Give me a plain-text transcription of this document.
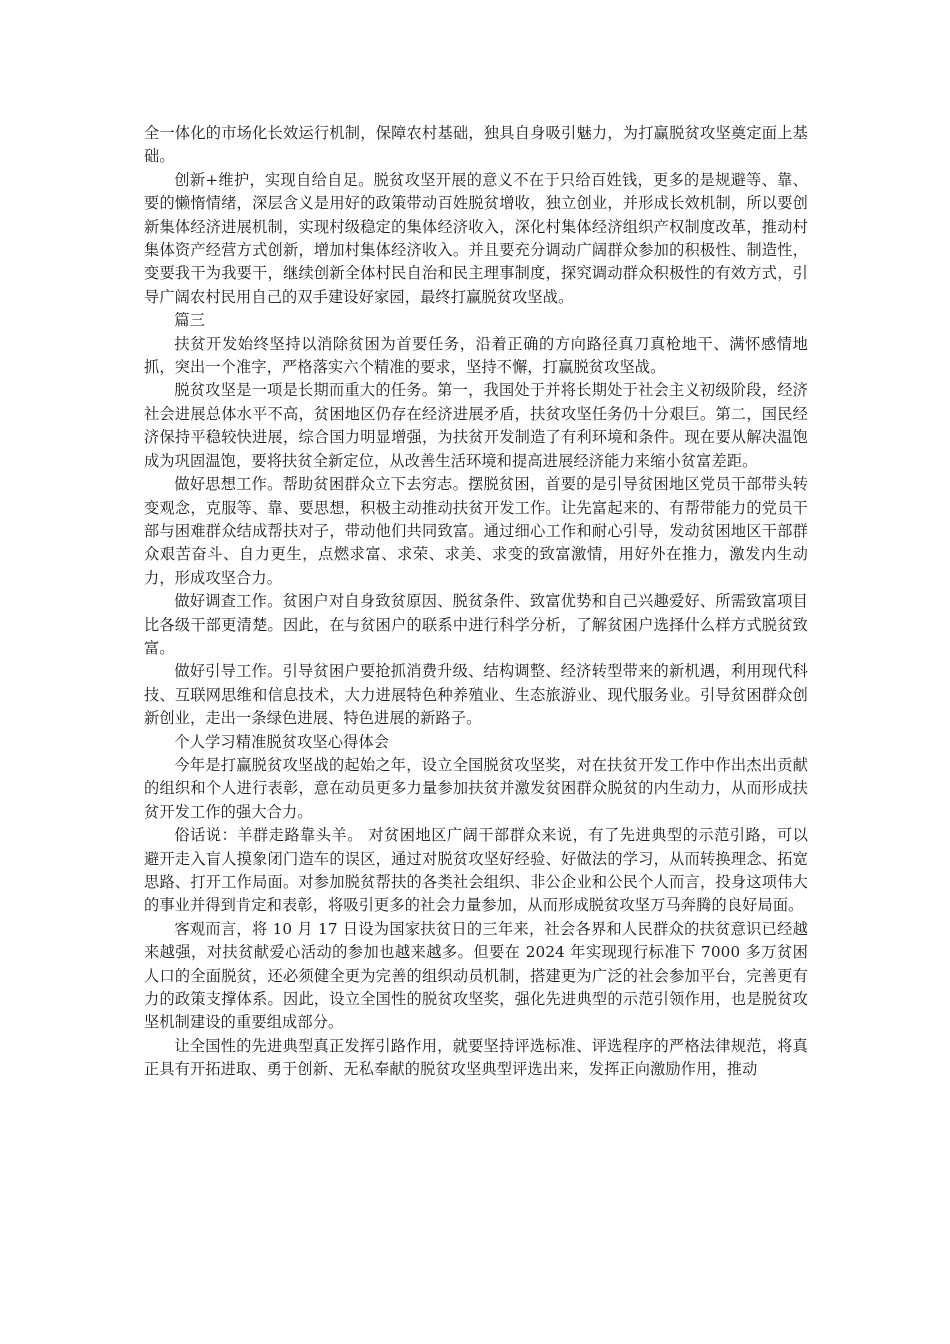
全一体化的市场化长效运行机制，保障农村基础，独具自身吸引魅力，为打赢脱贫攻坚奠定面上基础。

创新+维护，实现自给自足。脱贫攻坚开展的意义不在于只给百姓钱，更多的是规避等、靠、要的懒惰情绪，深层含义是用好的政策带动百姓脱贫增收，独立创业，并形成长效机制，所以要创新集体经济进展机制，实现村级稳定的集体经济收入，深化村集体经济组织产权制度改革，推动村集体资产经营方式创新，增加村集体经济收入。并且要充分调动广阔群众参加的积极性、制造性，变要我干为我要干，继续创新全体村民自治和民主理事制度，探究调动群众积极性的有效方式，引导广阔农村民用自己的双手建设好家园，最终打赢脱贫攻坚战。

篇三

扶贫开发始终坚持以消除贫困为首要任务，沿着正确的方向路径真刀真枪地干、满怀感情地抓，突出一个准字，严格落实六个精准的要求，坚持不懈，打赢脱贫攻坚战。

脱贫攻坚是一项是长期而重大的任务。第一，我国处于并将长期处于社会主义初级阶段，经济社会进展总体水平不高，贫困地区仍存在经济进展矛盾，扶贫攻坚任务仍十分艰巨。第二，国民经济保持平稳较快进展，综合国力明显增强，为扶贫开发制造了有利环境和条件。现在要从解决温饱成为巩固温饱，要将扶贫全新定位，从改善生活环境和提高进展经济能力来缩小贫富差距。

做好思想工作。帮助贫困群众立下去穷志。摆脱贫困，首要的是引导贫困地区党员干部带头转变观念，克服等、靠、要思想，积极主动推动扶贫开发工作。让先富起来的、有帮带能力的党员干部与困难群众结成帮扶对子，带动他们共同致富。通过细心工作和耐心引导，发动贫困地区干部群众艰苦奋斗、自力更生，点燃求富、求荣、求美、求变的致富激情，用好外在推力，激发内生动力，形成攻坚合力。

做好调查工作。贫困户对自身致贫原因、脱贫条件、致富优势和自己兴趣爱好、所需致富项目比各级干部更清楚。因此，在与贫困户的联系中进行科学分析，了解贫困户选择什么样方式脱贫致富。

做好引导工作。引导贫困户要抢抓消费升级、结构调整、经济转型带来的新机遇，利用现代科技、互联网思维和信息技术，大力进展特色种养殖业、生态旅游业、现代服务业。引导贫困群众创新创业，走出一条绿色进展、特色进展的新路子。

个人学习精准脱贫攻坚心得体会

今年是打赢脱贫攻坚战的起始之年，设立全国脱贫攻坚奖，对在扶贫开发工作中作出杰出贡献的组织和个人进行表彰，意在动员更多力量参加扶贫并激发贫困群众脱贫的内生动力，从而形成扶贫开发工作的强大合力。

俗话说：羊群走路靠头羊。 对贫困地区广阔干部群众来说，有了先进典型的示范引路，可以避开走入盲人摸象闭门造车的误区，通过对脱贫攻坚好经验、好做法的学习，从而转换理念、拓宽思路、打开工作局面。对参加脱贫帮扶的各类社会组织、非公企业和公民个人而言，投身这项伟大的事业并得到肯定和表彰，将吸引更多的社会力量参加，从而形成脱贫攻坚万马奔腾的良好局面。

客观而言，将 10 月 17 日设为国家扶贫日的三年来，社会各界和人民群众的扶贫意识已经越来越强，对扶贫献爱心活动的参加也越来越多。但要在 2024 年实现现行标准下 7000 多万贫困人口的全面脱贫，还必须健全更为完善的组织动员机制，搭建更为广泛的社会参加平台，完善更有力的政策支撑体系。因此，设立全国性的脱贫攻坚奖，强化先进典型的示范引领作用，也是脱贫攻坚机制建设的重要组成部分。

让全国性的先进典型真正发挥引路作用，就要坚持评选标准、评选程序的严格法律规范，将真正具有开拓进取、勇于创新、无私奉献的脱贫攻坚典型评选出来，发挥正向激励作用，推动
